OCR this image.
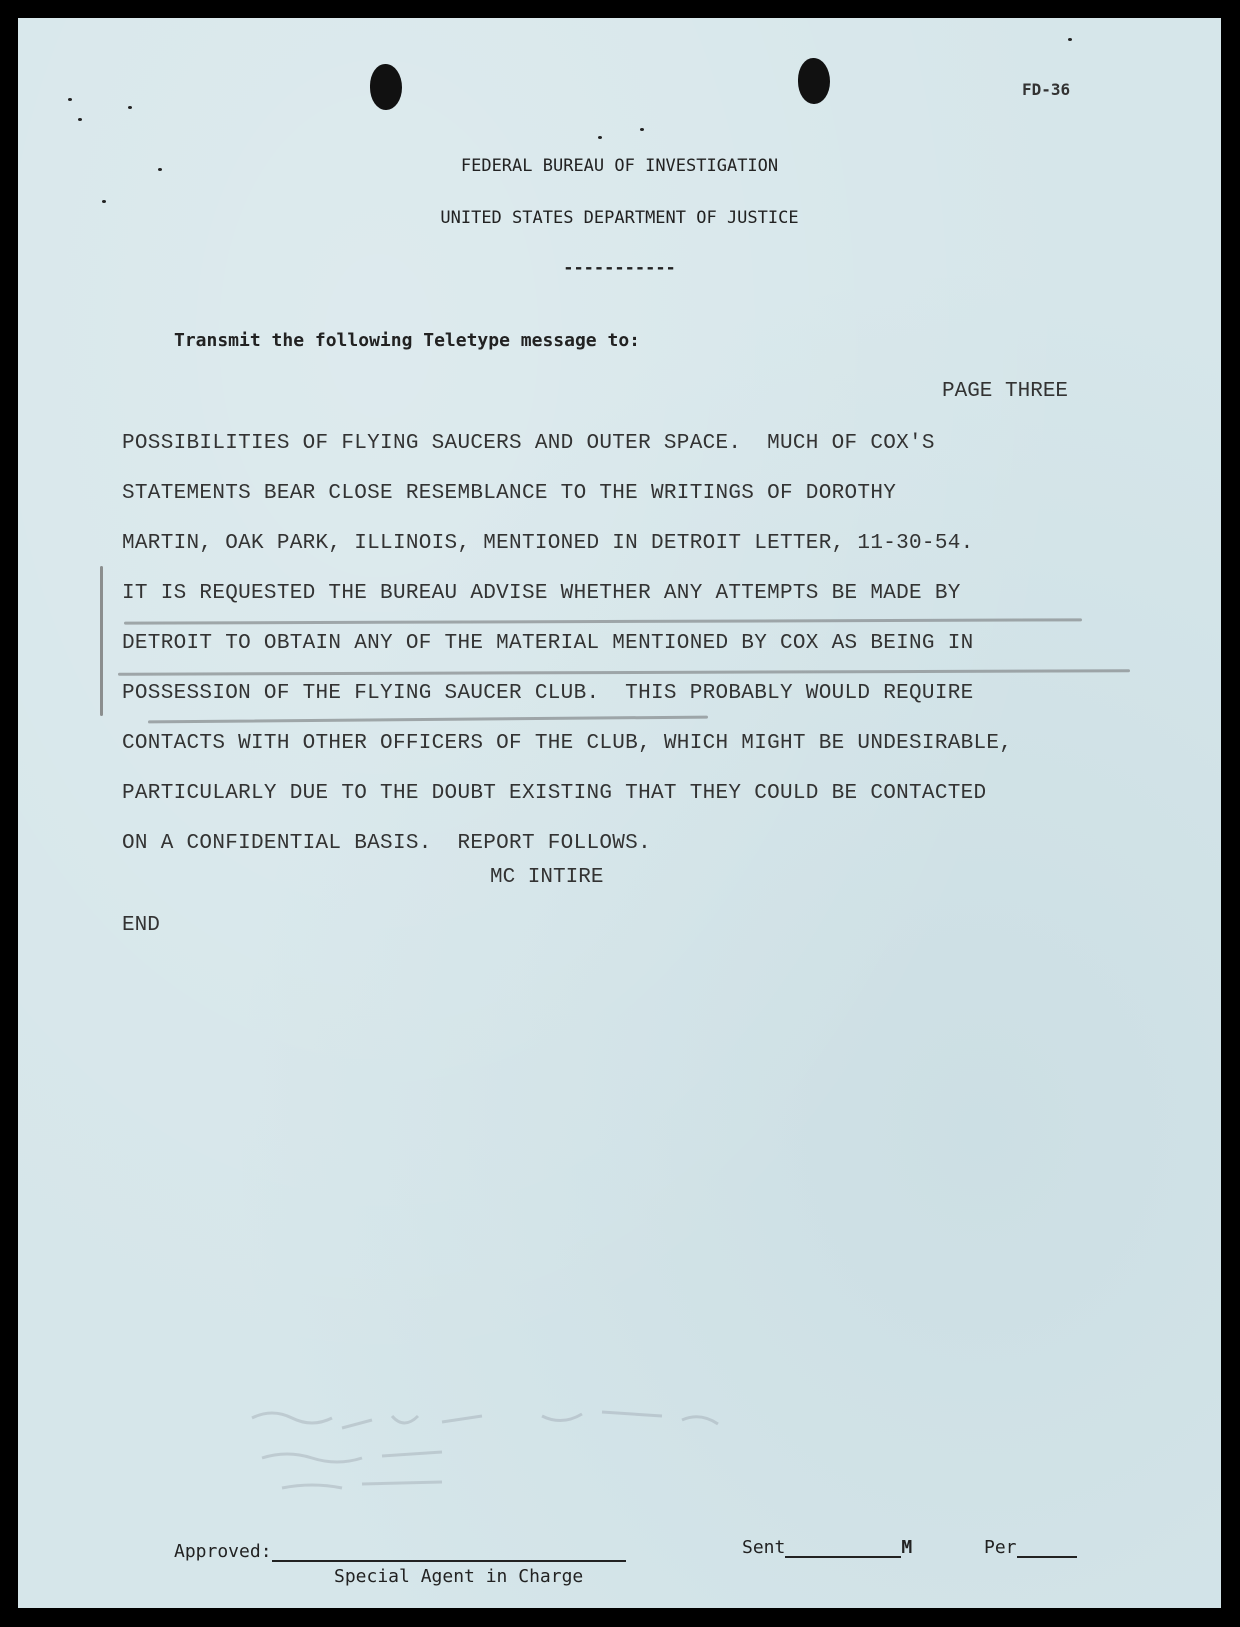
FD-36
FEDERAL BUREAU OF INVESTIGATION
UNITED STATES DEPARTMENT OF JUSTICE
-----------
Transmit the following Teletype message to:
PAGE THREE
POSSIBILITIES OF FLYING SAUCERS AND OUTER SPACE.  MUCH OF COX'S
STATEMENTS BEAR CLOSE RESEMBLANCE TO THE WRITINGS OF DOROTHY
MARTIN, OAK PARK, ILLINOIS, MENTIONED IN DETROIT LETTER, 11-30-54.
IT IS REQUESTED THE BUREAU ADVISE WHETHER ANY ATTEMPTS BE MADE BY
DETROIT TO OBTAIN ANY OF THE MATERIAL MENTIONED BY COX AS BEING IN
POSSESSION OF THE FLYING SAUCER CLUB.  THIS PROBABLY WOULD REQUIRE
CONTACTS WITH OTHER OFFICERS OF THE CLUB, WHICH MIGHT BE UNDESIRABLE,
PARTICULARLY DUE TO THE DOUBT EXISTING THAT THEY COULD BE CONTACTED
ON A CONFIDENTIAL BASIS.  REPORT FOLLOWS.
MC INTIRE
END
Approved:
Special Agent in Charge
Sent	M	Per
